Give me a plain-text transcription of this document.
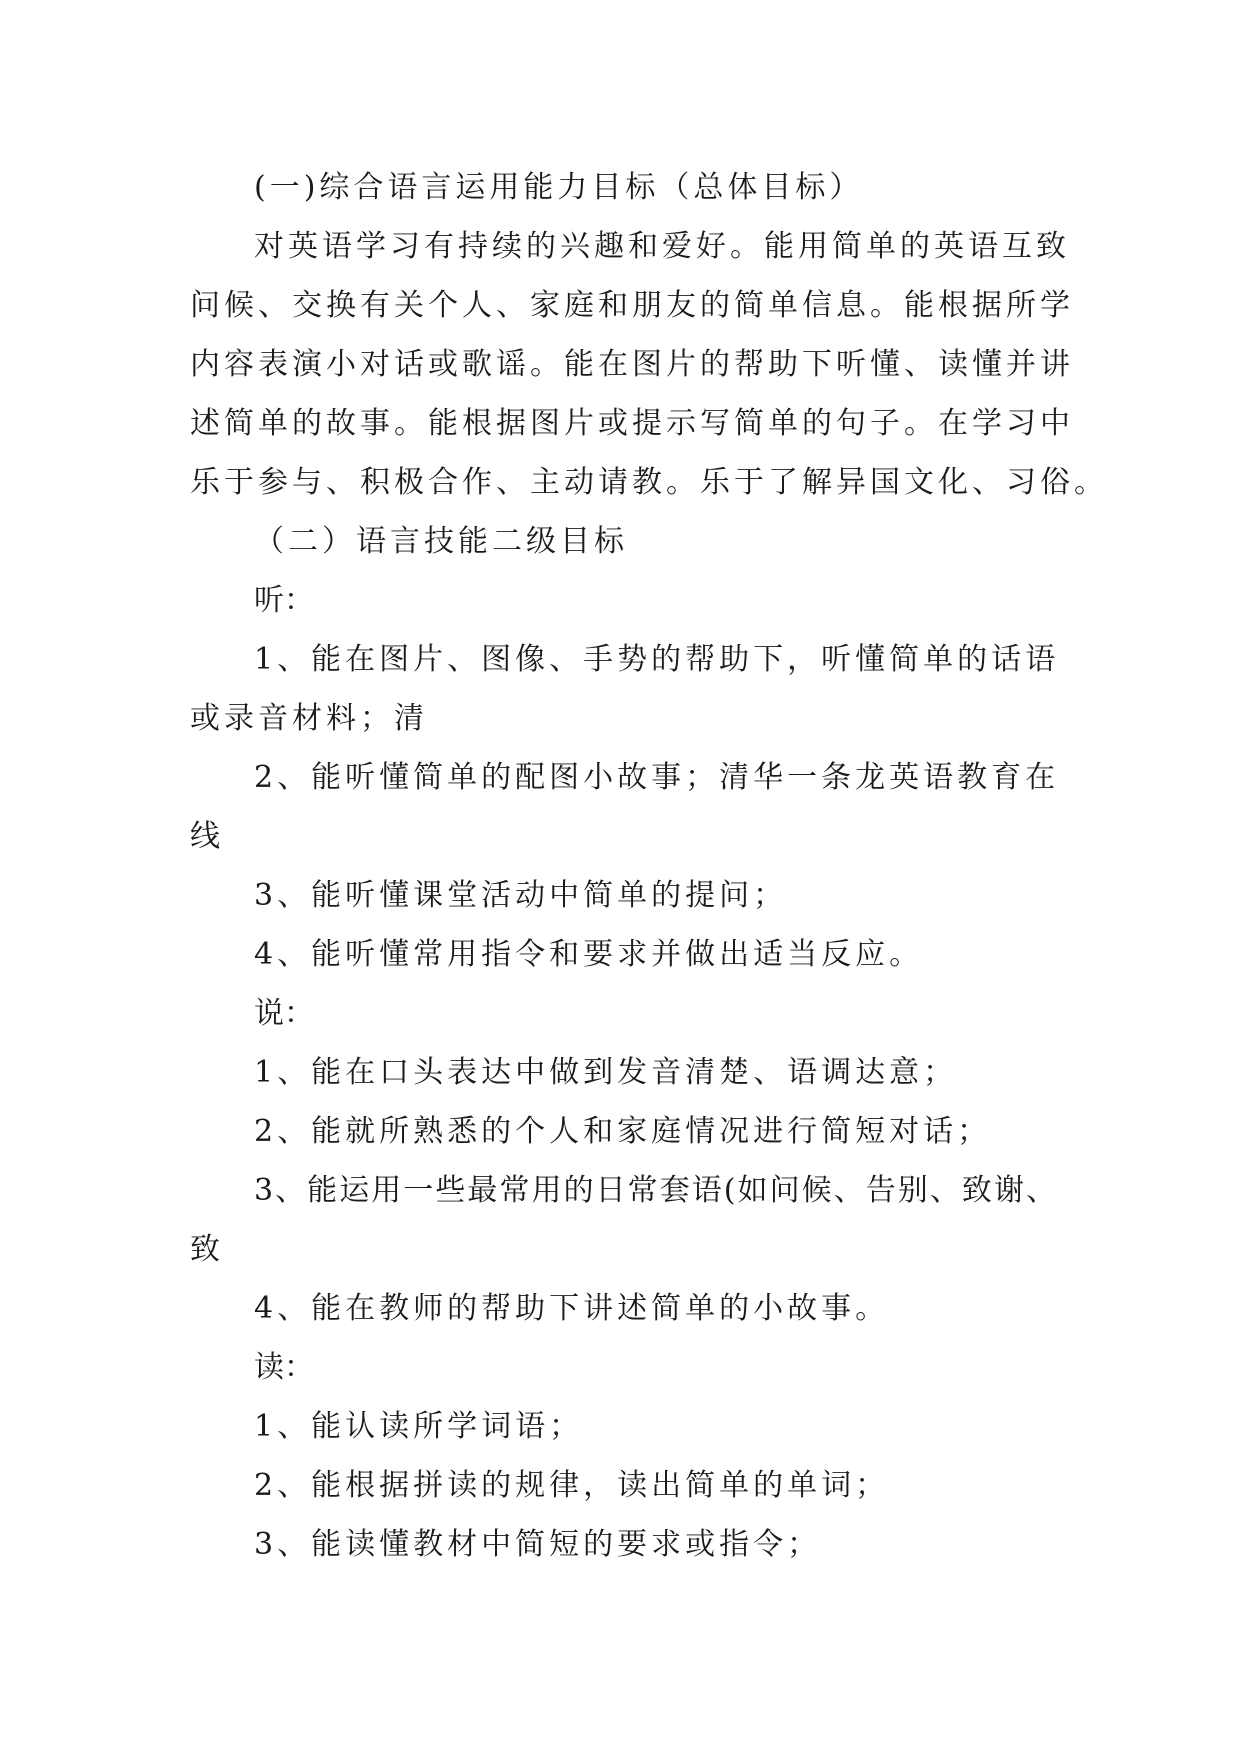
(一)综合语言运用能力目标（总体目标）
对英语学习有持续的兴趣和爱好。能用简单的英语互致
问候、交换有关个人、家庭和朋友的简单信息。能根据所学
内容表演小对话或歌谣。能在图片的帮助下听懂、读懂并讲
述简单的故事。能根据图片或提示写简单的句子。在学习中
乐于参与、积极合作、主动请教。乐于了解异国文化、习俗。
（二）语言技能二级目标
听：
1、能在图片、图像、手势的帮助下，听懂简单的话语
或录音材料；清
2、能听懂简单的配图小故事；清华一条龙英语教育在
线
3、能听懂课堂活动中简单的提问；
4、能听懂常用指令和要求并做出适当反应。
说：
1、能在口头表达中做到发音清楚、语调达意；
2、能就所熟悉的个人和家庭情况进行简短对话；
3、能运用一些最常用的日常套语(如问候、告别、致谢、
致
4、能在教师的帮助下讲述简单的小故事。
读：
1、能认读所学词语；
2、能根据拼读的规律，读出简单的单词；
3、能读懂教材中简短的要求或指令；
